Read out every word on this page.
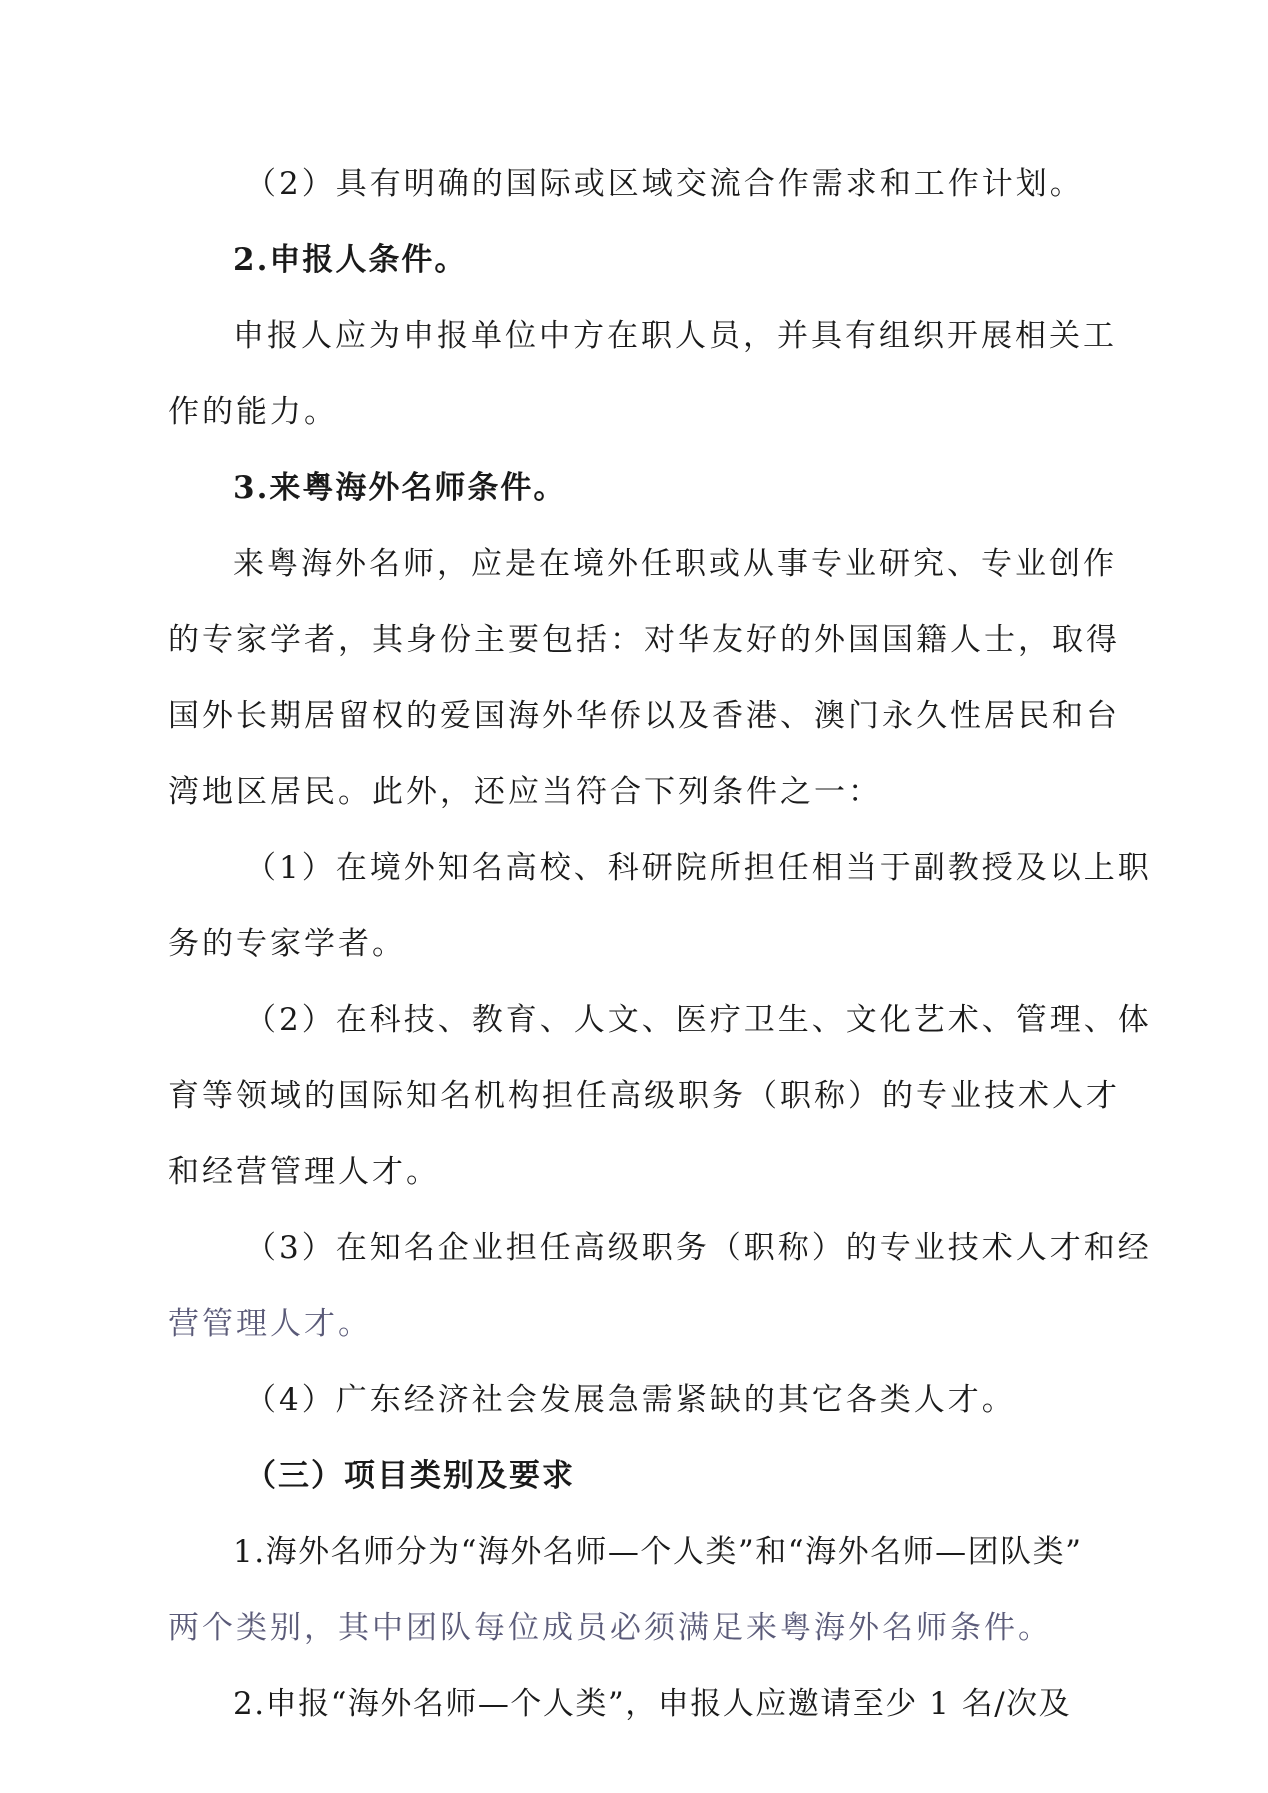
（2）具有明确的国际或区域交流合作需求和工作计划。
2.申报人条件。
申报人应为申报单位中方在职人员，并具有组织开展相关工
作的能力。
3.来粤海外名师条件。
来粤海外名师，应是在境外任职或从事专业研究、专业创作
的专家学者，其身份主要包括：对华友好的外国国籍人士，取得
国外长期居留权的爱国海外华侨以及香港、澳门永久性居民和台
湾地区居民。此外，还应当符合下列条件之一：
（1）在境外知名高校、科研院所担任相当于副教授及以上职
务的专家学者。
（2）在科技、教育、人文、医疗卫生、文化艺术、管理、体
育等领域的国际知名机构担任高级职务（职称）的专业技术人才
和经营管理人才。
（3）在知名企业担任高级职务（职称）的专业技术人才和经
营管理人才。
（4）广东经济社会发展急需紧缺的其它各类人才。
（三）项目类别及要求
1.海外名师分为“海外名师—个人类”和“海外名师—团队类”
两个类别，其中团队每位成员必须满足来粤海外名师条件。
2.申报“海外名师—个人类”，申报人应邀请至少 1 名/次及
